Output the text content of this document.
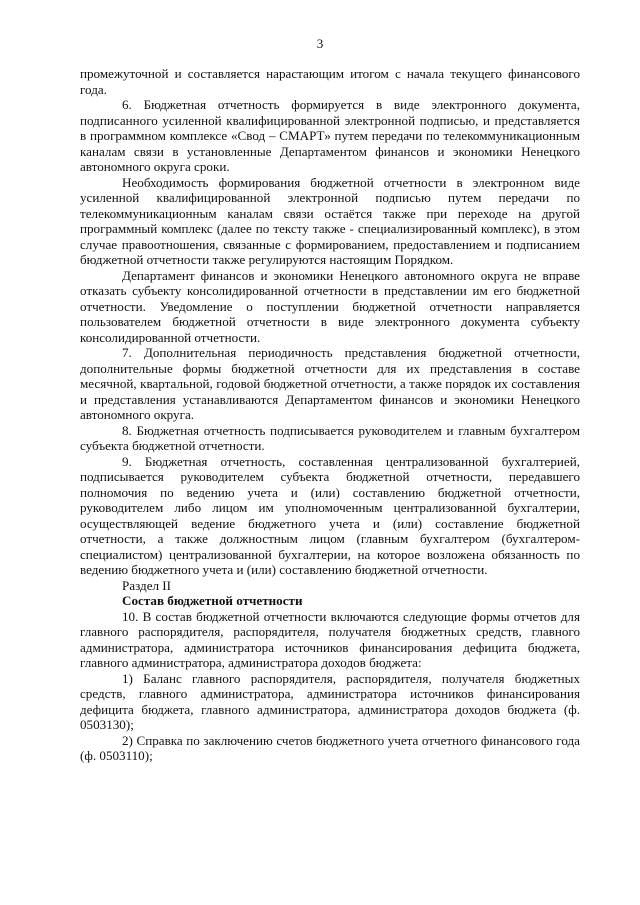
3

промежуточной и составляется нарастающим итогом с начала текущего финансового года.

6. Бюджетная отчетность формируется в виде электронного документа, подписанного усиленной квалифицированной электронной подписью, и представляется в программном комплексе «Свод – СМАРТ» путем передачи по телекоммуникационным каналам связи в установленные Департаментом финансов и экономики Ненецкого автономного округа сроки.

Необходимость формирования бюджетной отчетности в электронном виде усиленной квалифицированной электронной подписью путем передачи по телекоммуникационным каналам связи остаётся также при переходе на другой программный комплекс (далее по тексту также - специализированный комплекс), в этом случае правоотношения, связанные с формированием, предоставлением и подписанием бюджетной отчетности также регулируются настоящим Порядком.

Департамент финансов и экономики Ненецкого автономного округа не вправе отказать субъекту консолидированной отчетности в представлении им его бюджетной отчетности. Уведомление о поступлении бюджетной отчетности направляется пользователем бюджетной отчетности в виде электронного документа субъекту консолидированной отчетности.

7. Дополнительная периодичность представления бюджетной отчетности, дополнительные формы бюджетной отчетности для их представления в составе месячной, квартальной, годовой бюджетной отчетности, а также порядок их составления и представления устанавливаются Департаментом финансов и экономики Ненецкого автономного округа.

8. Бюджетная отчетность подписывается руководителем и главным бухгалтером субъекта бюджетной отчетности.

9. Бюджетная отчетность, составленная централизованной бухгалтерией, подписывается руководителем субъекта бюджетной отчетности, передавшего полномочия по ведению учета и (или) составлению бюджетной отчетности, руководителем либо лицом им уполномоченным централизованной бухгалтерии, осуществляющей ведение бюджетного учета и (или) составление бюджетной отчетности, а также должностным лицом (главным бухгалтером (бухгалтером-специалистом) централизованной бухгалтерии, на которое возложена обязанность по ведению бюджетного учета и (или) составлению бюджетной отчетности.

Раздел II

Состав бюджетной отчетности

10. В состав бюджетной отчетности включаются следующие формы отчетов для главного распорядителя, распорядителя, получателя бюджетных средств, главного администратора, администратора источников финансирования дефицита бюджета, главного администратора, администратора доходов бюджета:

1) Баланс главного распорядителя, распорядителя, получателя бюджетных средств, главного администратора, администратора источников финансирования дефицита бюджета, главного администратора, администратора доходов бюджета (ф. 0503130);

2) Справка по заключению счетов бюджетного учета отчетного финансового года (ф. 0503110);
